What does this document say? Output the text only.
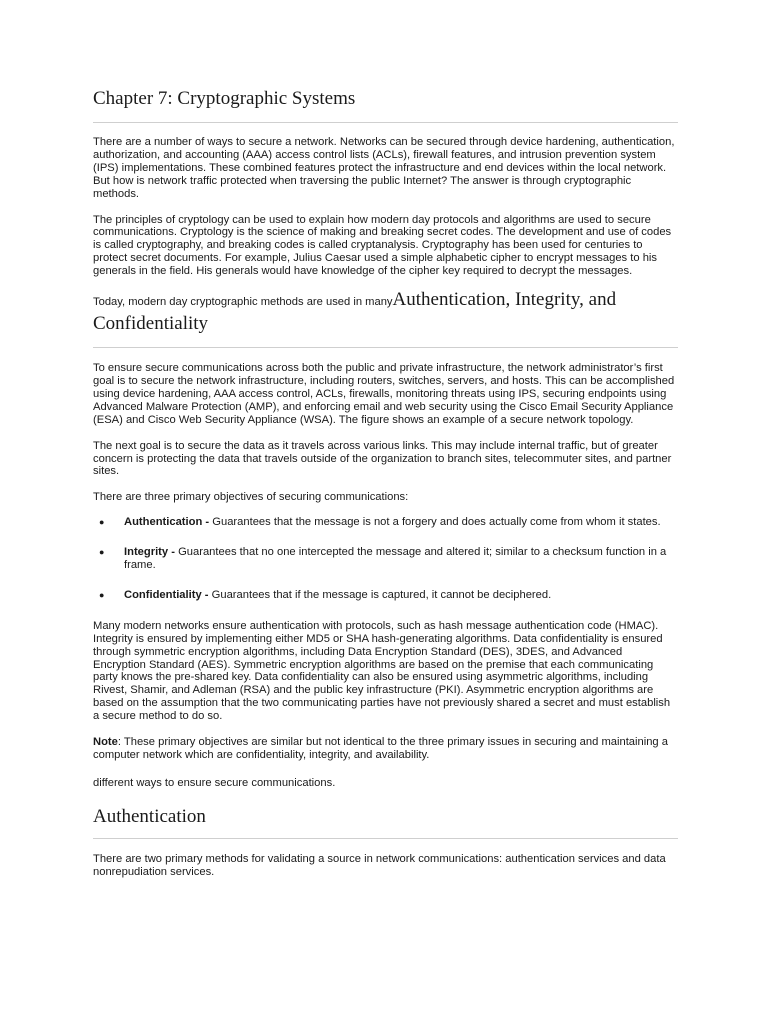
Chapter 7: Cryptographic Systems

There are a number of ways to secure a network. Networks can be secured through device hardening, authentication, authorization, and accounting (AAA) access control lists (ACLs), firewall features, and intrusion prevention system (IPS) implementations. These combined features protect the infrastructure and end devices within the local network. But how is network traffic protected when traversing the public Internet? The answer is through cryptographic methods.

The principles of cryptology can be used to explain how modern day protocols and algorithms are used to secure communications. Cryptology is the science of making and breaking secret codes. The development and use of codes is called cryptography, and breaking codes is called cryptanalysis. Cryptography has been used for centuries to protect secret documents. For example, Julius Caesar used a simple alphabetic cipher to encrypt messages to his generals in the field. His generals would have knowledge of the cipher key required to decrypt the messages.

Today, modern day cryptographic methods are used in manyAuthentication, Integrity, and Confidentiality

To ensure secure communications across both the public and private infrastructure, the network administrator’s first goal is to secure the network infrastructure, including routers, switches, servers, and hosts. This can be accomplished using device hardening, AAA access control, ACLs, firewalls, monitoring threats using IPS, securing endpoints using Advanced Malware Protection (AMP), and enforcing email and web security using the Cisco Email Security Appliance (ESA) and Cisco Web Security Appliance (WSA). The figure shows an example of a secure network topology.

The next goal is to secure the data as it travels across various links. This may include internal traffic, but of greater concern is protecting the data that travels outside of the organization to branch sites, telecommuter sites, and partner sites.

There are three primary objectives of securing communications:

● Authentication - Guarantees that the message is not a forgery and does actually come from whom it states.
● Integrity - Guarantees that no one intercepted the message and altered it; similar to a checksum function in a frame.
● Confidentiality - Guarantees that if the message is captured, it cannot be deciphered.

Many modern networks ensure authentication with protocols, such as hash message authentication code (HMAC). Integrity is ensured by implementing either MD5 or SHA hash-generating algorithms. Data confidentiality is ensured through symmetric encryption algorithms, including Data Encryption Standard (DES), 3DES, and Advanced Encryption Standard (AES). Symmetric encryption algorithms are based on the premise that each communicating party knows the pre-shared key. Data confidentiality can also be ensured using asymmetric algorithms, including Rivest, Shamir, and Adleman (RSA) and the public key infrastructure (PKI). Asymmetric encryption algorithms are based on the assumption that the two communicating parties have not previously shared a secret and must establish a secure method to do so.

Note: These primary objectives are similar but not identical to the three primary issues in securing and maintaining a computer network which are confidentiality, integrity, and availability.

different ways to ensure secure communications.

Authentication

There are two primary methods for validating a source in network communications: authentication services and data nonrepudiation services.
